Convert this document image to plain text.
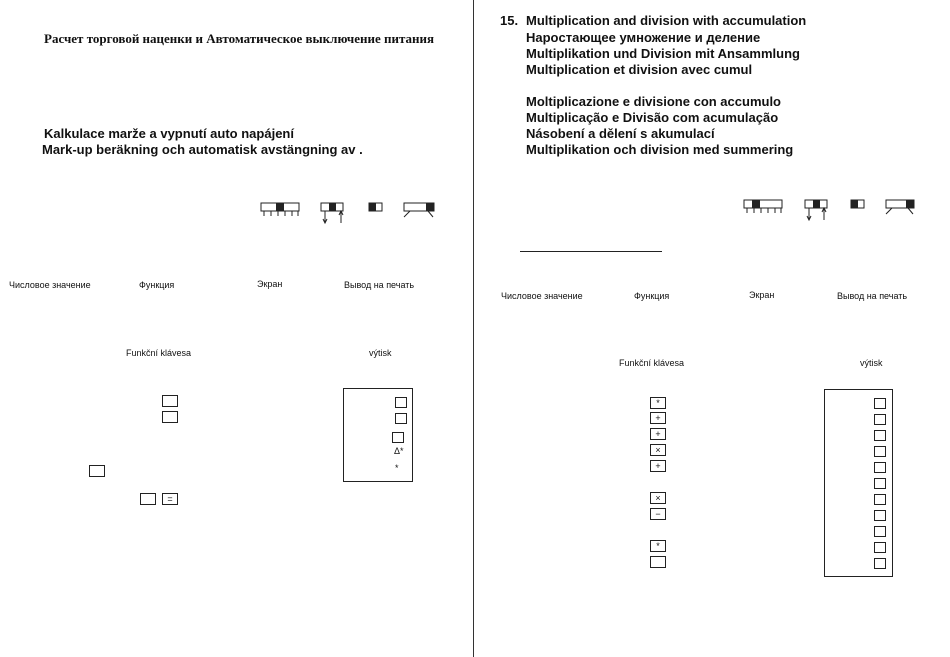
Расчет торговой наценки и Автоматическое выключение питания
Kalkulace marže a vypnutí auto napájení
Mark-up beräkning och automatisk avstängning av .
Числовое значение	Функция	Экран	Вывод на печать
Funkční klávesa	výtisk
=
Δ*
*
15. Multiplication and division with accumulation
Нароcтающее умножение и деление
Multiplikation und Division mit Ansammlung
Multiplication et division avec cumul
Moltiplicazione e divisione con accumulo
Multiplicação e Divisão com acumulação
Násobení a dělení s akumulací
Multiplikation och division med summering
Числовое значение	Функция	Экран	Вывод на печать
Funkční klávesa	výtisk
*
+
+
×
+
×
−
*
